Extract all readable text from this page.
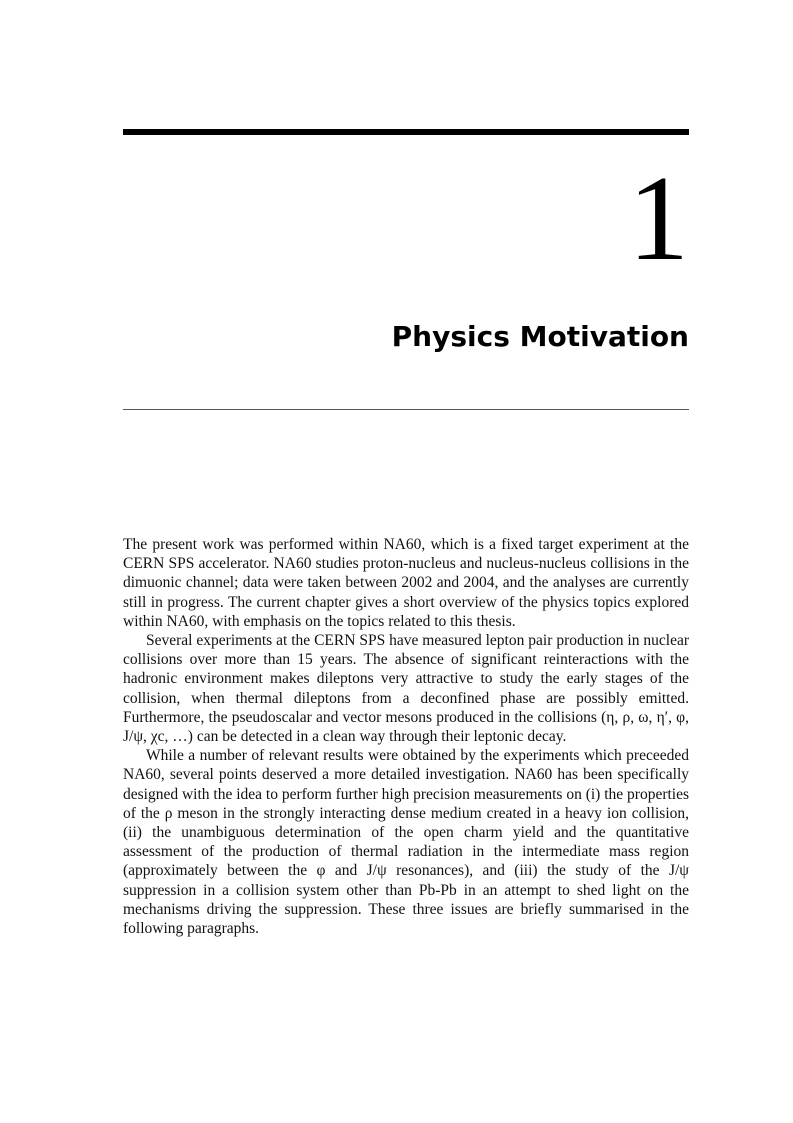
1
Physics Motivation

The present work was performed within NA60, which is a fixed target experiment at the CERN SPS accelerator. NA60 studies proton-nucleus and nucleus-nucleus collisions in the dimuonic channel; data were taken between 2002 and 2004, and the analyses are currently still in progress. The current chapter gives a short overview of the physics topics explored within NA60, with emphasis on the topics related to this thesis.

Several experiments at the CERN SPS have measured lepton pair production in nuclear collisions over more than 15 years. The absence of significant reinteractions with the hadronic environment makes dileptons very attractive to study the early stages of the collision, when thermal dileptons from a deconfined phase are possibly emitted. Furthermore, the pseudoscalar and vector mesons produced in the collisions (η, ρ, ω, η′, φ, J/ψ, χc, …) can be detected in a clean way through their leptonic decay.

While a number of relevant results were obtained by the experiments which preceeded NA60, several points deserved a more detailed investigation. NA60 has been specifically designed with the idea to perform further high precision measurements on (i) the properties of the ρ meson in the strongly interacting dense medium created in a heavy ion collision, (ii) the unambiguous determination of the open charm yield and the quantitative assessment of the production of thermal radiation in the intermediate mass region (approximately between the φ and J/ψ resonances), and (iii) the study of the J/ψ suppression in a collision system other than Pb-Pb in an attempt to shed light on the mechanisms driving the suppression. These three issues are briefly summarised in the following paragraphs.
